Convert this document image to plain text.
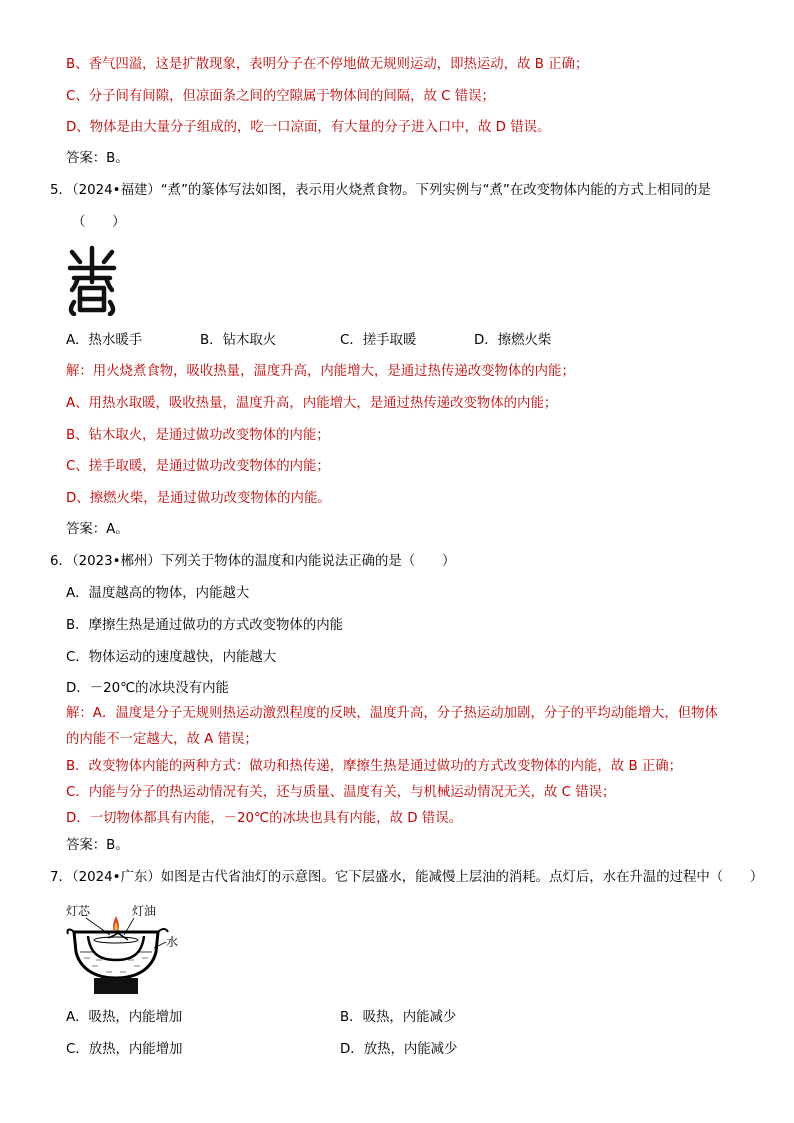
B、香气四溢，这是扩散现象，表明分子在不停地做无规则运动，即热运动，故 B 正确；
C、分子间有间隙，但凉面条之间的空隙属于物体间的间隔，故 C 错误；
D、物体是由大量分子组成的，吃一口凉面，有大量的分子进入口中，故 D 错误。
答案：B。
5．（2024•福建）“煮”的篆体写法如图，表示用火烧煮食物。下列实例与“煮”在改变物体内能的方式上相同的是
（　　）
A．热水暖手	B．钻木取火	C．搓手取暖	D．擦燃火柴
解：用火烧煮食物，吸收热量，温度升高，内能增大，是通过热传递改变物体的内能；
A、用热水取暖，吸收热量，温度升高，内能增大，是通过热传递改变物体的内能；
B、钻木取火，是通过做功改变物体的内能；
C、搓手取暖，是通过做功改变物体的内能；
D、擦燃火柴，是通过做功改变物体的内能。
答案：A。
6．（2023•郴州）下列关于物体的温度和内能说法正确的是（　　）
A．温度越高的物体，内能越大
B．摩擦生热是通过做功的方式改变物体的内能
C．物体运动的速度越快，内能越大
D．－20℃的冰块没有内能
解：A．温度是分子无规则热运动激烈程度的反映，温度升高，分子热运动加剧，分子的平均动能增大，但物体
的内能不一定越大，故 A 错误；
B．改变物体内能的两种方式：做功和热传递，摩擦生热是通过做功的方式改变物体的内能，故 B 正确；
C．内能与分子的热运动情况有关，还与质量、温度有关，与机械运动情况无关，故 C 错误；
D．一切物体都具有内能，－20℃的冰块也具有内能，故 D 错误。
答案：B。
7．（2024•广东）如图是古代省油灯的示意图。它下层盛水，能减慢上层油的消耗。点灯后，水在升温的过程中（　　）
灯芯	灯油
水
A．吸热，内能增加	B．吸热，内能减少
C．放热，内能增加	D．放热，内能减少
